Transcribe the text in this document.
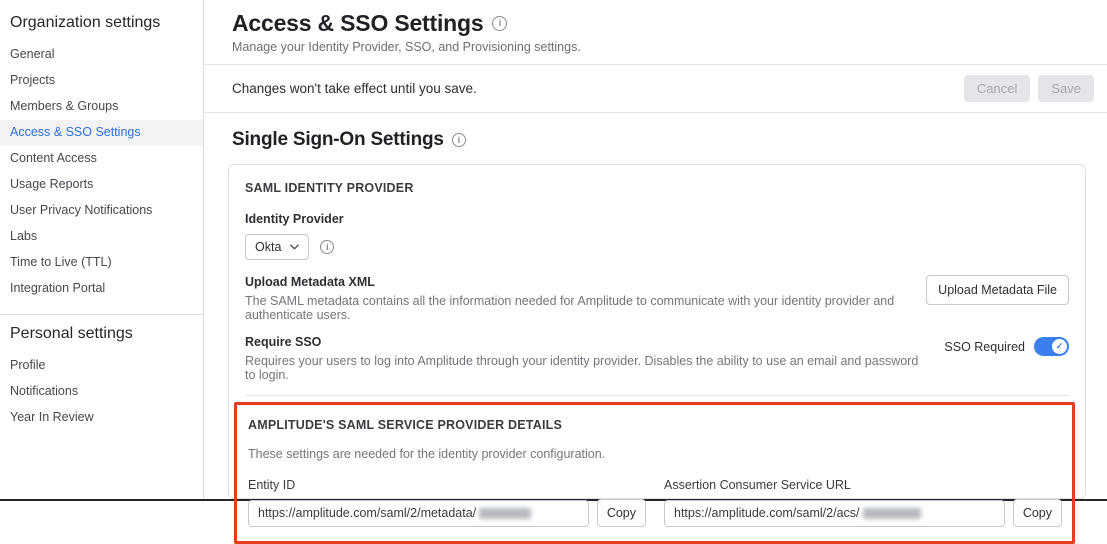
Organization settings
General
Projects
Members & Groups
Access & SSO Settings
Content Access
Usage Reports
User Privacy Notifications
Labs
Time to Live (TTL)
Integration Portal
Personal settings
Profile
Notifications
Year In Review
Access & SSO Settings
i
Manage your Identity Provider, SSO, and Provisioning settings.
Changes won't take effect until you save.	Cancel	Save
Single Sign-On Settings
i
SAML IDENTITY PROVIDER
Identity Provider
Okta
i
Upload Metadata XML
The SAML metadata contains all the information needed for Amplitude to communicate with your identity provider and authenticate users.
Upload Metadata File
Require SSO
Requires your users to log into Amplitude through your identity provider. Disables the ability to use an email and password to login.
SSO Required
✓
AMPLITUDE'S SAML SERVICE PROVIDER DETAILS
These settings are needed for the identity provider configuration.
Entity ID
https://amplitude.com/saml/2/metadata/	Copy
Assertion Consumer Service URL
https://amplitude.com/saml/2/acs/	Copy
